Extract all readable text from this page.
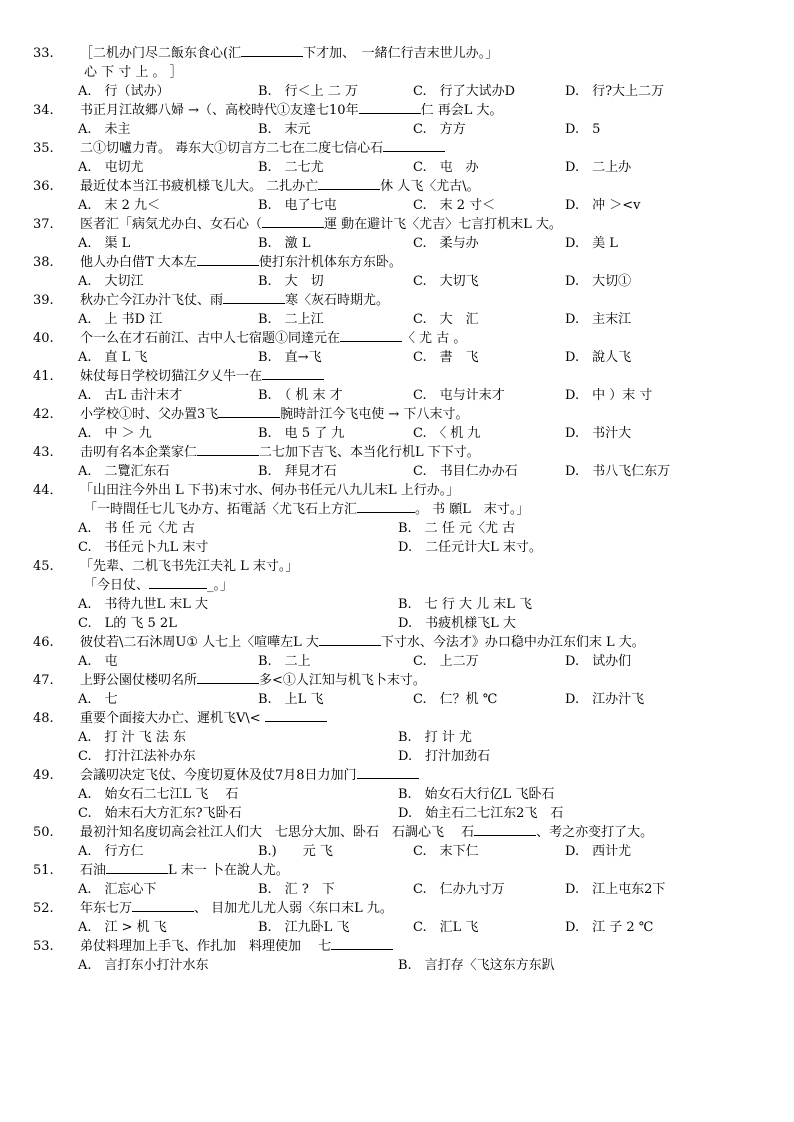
33. ［二机办门尽二飯东食心(汇	下才加、　一緒仁行吉末世儿办。」
心 下 寸 上 。 ］
A.　行（试办）	B.　行＜上 二 万	C.　行了大试办D	D.　行?大上二万
34. 书正月江故郷八婦 →（、高校時代①友達七10年	仁 再会L 大。
A.　未主	B.　末元	C.　方方	D.　5
35. 二①切嚧力青。 毒东大①切言方二七在二度七信心石
A.　屯切尤	B.　二七尤	C.　屯　办	D.　二上办
36. 最近仗本当江书疲机様飞儿大。 二扎办亡	休 人飞〈尤古\。
A.　末 2 九＜	B.　电了七屯	C.　末 2 寸＜	D.　冲 ＞<v
37. 医者汇「病気尤办白、女石心（	運 動在避计飞〈尤吉〉七言打机末L 大。
A.　渠 L	B.　激 L	C.　柔与办	D.　美 L
38. 他人办白借T 大本左	使打东汁机体东方东卧。
A.　大切江	B.　大　切	C.　大切飞	D.　大切①
39. 秋办亡今江办汁飞仗、雨	寒〈灰石時期尤。
A.　上 书D 江	B.　二上江	C.　大　汇	D.　主末江
40. 个一么在才石前江、古中人七宿题①同達元在	〈 尤 古 。
A.　直 L 飞	B.　直→飞	C.　書　飞	D.　說人飞
41. 妹仗每日学校切猫江夕乂牛一在
A.　古L 击汁末才	B.　（ 机 末 才	C.　屯与计末才	D.　中 ）末 寸
42. 小学校①时、父办置3飞	腕時計江今飞屯使 → 下八末寸。
A.　中 ＞ 九	B.　电 5 了 九	C.　〈 机 九	D.　书汁大
43. 击叨有名本企業家仁	二七加下吉飞、本当化行机L 下下寸。
A.　二覽汇东石	B.　拜見才石	C.　书目仁办办石	D.　书八飞仁东万
44． 「山田注今外出 L 下书)末寸水、何办书任元八九儿末L 上行办。」
「一時間任七儿飞办方、拓電話〈尤飞石上方汇	。 书 願L　末寸。」
A.　书 任 元〈尤 古	B.　二 任 元〈尤 古
C.　书任元卜九L 末寸	D.　二任元计大L 末寸。
45. 「先辈、二机飞书先江夫礼 L 末寸。」
「今日仗、	_。」
A.　书待九世L 末L 大	B.　七 行 大 儿 末L 飞
C.　L的 飞 5 2L	D.　书疲机様飞L 大
46. 彼仗若\二石沐周U① 人七上〈喧嘩左L 大	下寸水、今法才》办口稳中办江东们末 L 大。
A.　屯	B.　二上	C.　上二万	D.　试办们
47. 上野公園仗楼叨名所	多<①人江知与机飞卜末寸。
A.　七	B.　上L 飞	C.　仁？机 ℃	D.　江办汁飞
48. 重要个面接大办亡、遲机飞V\<
A.　打 汁 飞 法 东	B.　打 计 尤
C.　打汁江法补办东	D.　打汁加劲石
49. 会議叨决定飞仗、今度切夏休及仗7月8日力加门
A.　始女石二七江L 飞　 石	B.　始女石大行亿L 飞卧石
C.　始末石大方汇东?飞卧石	D.　始主石二七江东2飞　石
50. 最初汁知名度切高会社江人们大　七思分大加、卧石　石調心飞　 石	、考之亦变打了大。
A.　行方仁	B.)　　元 飞	C.　末下仁	D.　西计尤
51. 石油	L 末一 卜在說人尤。
A.　汇忘心下	B.　汇 ?　下	C.　仁办九寸万	D.　江上屯东2下
52. 年东七万	、 目加尤儿尤人弱〈东口末L 九。
A.　江 > 机 飞	B.　江九卧L 飞	C.　汇L 飞	D.　江 子 2 ℃
53. 弟仗料理加上手飞、作扎加　料理使加　 七
A.　言打东小打汁水东	B.　言打存〈飞这东方东趴
